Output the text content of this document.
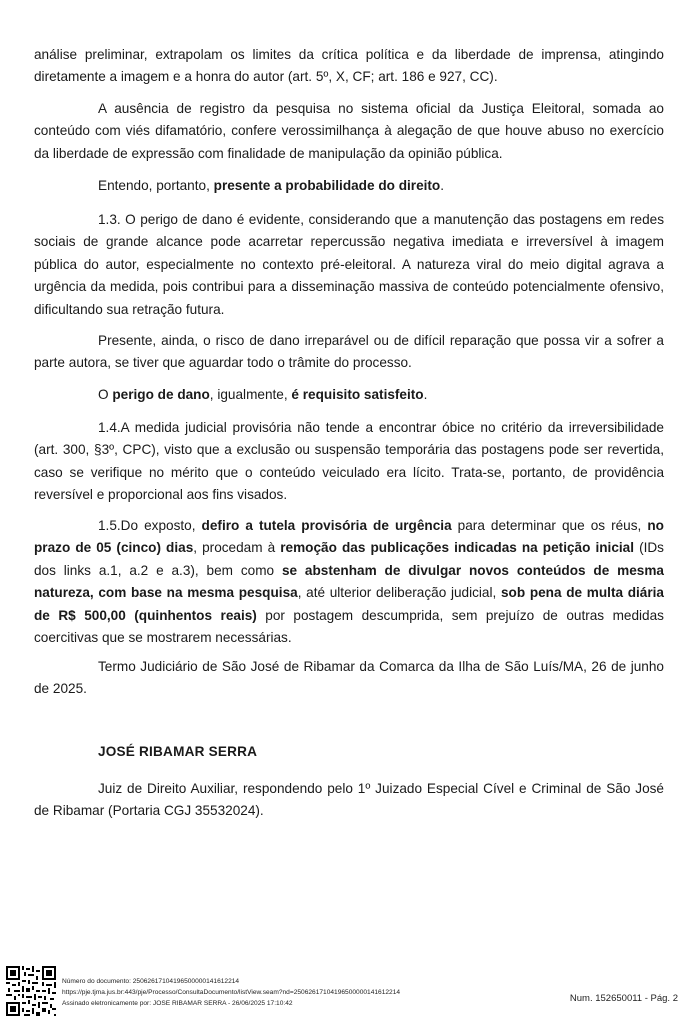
análise preliminar, extrapolam os limites da crítica política e da liberdade de imprensa, atingindo diretamente a imagem e a honra do autor (art. 5º, X, CF; art. 186 e 927, CC).

A ausência de registro da pesquisa no sistema oficial da Justiça Eleitoral, somada ao conteúdo com viés difamatório, confere verossimilhança à alegação de que houve abuso no exercício da liberdade de expressão com finalidade de manipulação da opinião pública.

Entendo, portanto, presente a probabilidade do direito.

1.3. O perigo de dano é evidente, considerando que a manutenção das postagens em redes sociais de grande alcance pode acarretar repercussão negativa imediata e irreversível à imagem pública do autor, especialmente no contexto pré-eleitoral. A natureza viral do meio digital agrava a urgência da medida, pois contribui para a disseminação massiva de conteúdo potencialmente ofensivo, dificultando sua retração futura.

Presente, ainda, o risco de dano irreparável ou de difícil reparação que possa vir a sofrer a parte autora, se tiver que aguardar todo o trâmite do processo.

O perigo de dano, igualmente, é requisito satisfeito.

1.4.A medida judicial provisória não tende a encontrar óbice no critério da irreversibilidade (art. 300, §3º, CPC), visto que a exclusão ou suspensão temporária das postagens pode ser revertida, caso se verifique no mérito que o conteúdo veiculado era lícito. Trata-se, portanto, de providência reversível e proporcional aos fins visados.

1.5.Do exposto, defiro a tutela provisória de urgência para determinar que os réus, no prazo de 05 (cinco) dias, procedam à remoção das publicações indicadas na petição inicial (IDs dos links a.1, a.2 e a.3), bem como se abstenham de divulgar novos conteúdos de mesma natureza, com base na mesma pesquisa, até ulterior deliberação judicial, sob pena de multa diária de R$ 500,00 (quinhentos reais) por postagem descumprida, sem prejuízo de outras medidas coercitivas que se mostrarem necessárias.

Termo Judiciário de São José de Ribamar da Comarca da Ilha de São Luís/MA, 26 de junho de 2025.

JOSÉ RIBAMAR SERRA

Juiz de Direito Auxiliar, respondendo pelo 1º Juizado Especial Cível e Criminal de São José de Ribamar (Portaria CGJ 35532024).

Número do documento: 25062617104196500000141612214
https://pje.tjma.jus.br:443/pje/Processo/ConsultaDocumento/listView.seam?nd=25062617104196500000141612214
Assinado eletronicamente por: JOSE RIBAMAR SERRA - 26/06/2025 17:10:42	Num. 152650011 - Pág. 2
